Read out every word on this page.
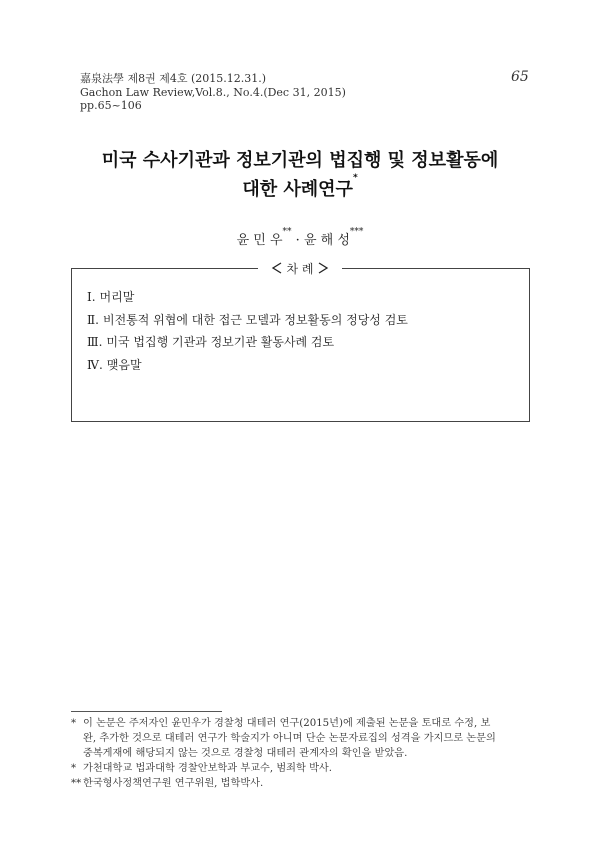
嘉泉法學 제8권 제4호 (2015.12.31.)
Gachon Law Review,Vol.8., No.4.(Dec 31, 2015)
pp.65~106
65
미국 수사기관과 정보기관의 법집행 및 정보활동에
대한 사례연구*
윤 민 우** · 윤 해 성***
차 례
Ⅰ. 머리말
Ⅱ. 비전통적 위협에 대한 접근 모델과 정보활동의 정당성 검토
Ⅲ. 미국 법집행 기관과 정보기관 활동사례 검토
Ⅳ. 맺음말
* 이 논문은 주저자인 윤민우가 경찰청 대테러 연구(2015년)에 제출된 논문을 토대로 수정, 보
완, 추가한 것으로 대테러 연구가 학술지가 아니며 단순 논문자료집의 성격을 가지므로 논문의
중복게재에 해당되지 않는 것으로 경찰청 대테러 관계자의 확인을 받았음.
* 가천대학교 법과대학 경찰안보학과 부교수, 범죄학 박사.
** 한국형사정책연구원 연구위원, 법학박사.
